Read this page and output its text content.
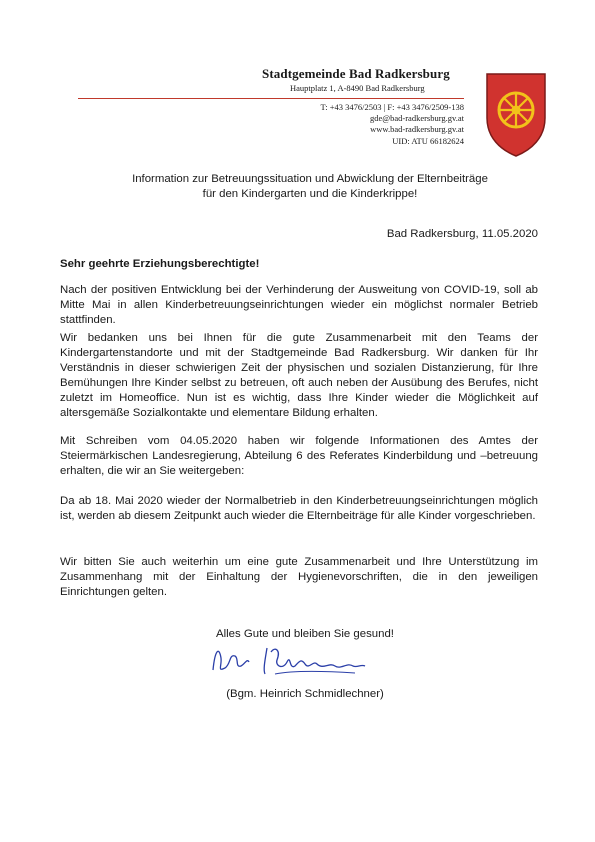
Stadtgemeinde Bad Radkersburg
Hauptplatz 1, A-8490 Bad Radkersburg
T: +43 3476/2503 | F: +43 3476/2509-138
gde@bad-radkersburg.gv.at
www.bad-radkersburg.gv.at
UID: ATU 66182624
Information zur Betreuungssituation und Abwicklung der Elternbeiträge
für den Kindergarten und die Kinderkrippe!
Bad Radkersburg, 11.05.2020
Sehr geehrte Erziehungsberechtigte!
Nach der positiven Entwicklung bei der Verhinderung der Ausweitung von COVID-19, soll ab Mitte Mai in allen Kinderbetreuungseinrichtungen wieder ein möglichst normaler Betrieb stattfinden.
Wir bedanken uns bei Ihnen für die gute Zusammenarbeit mit den Teams der Kindergartenstandorte und mit der Stadtgemeinde Bad Radkersburg. Wir danken für Ihr Verständnis in dieser schwierigen Zeit der physischen und sozialen Distanzierung, für Ihre Bemühungen Ihre Kinder selbst zu betreuen, oft auch neben der Ausübung des Berufes, nicht zuletzt im Homeoffice. Nun ist es wichtig, dass Ihre Kinder wieder die Möglichkeit auf altersgemäße Sozialkontakte und elementare Bildung erhalten.
Mit Schreiben vom 04.05.2020 haben wir folgende Informationen des Amtes der Steiermärkischen Landesregierung, Abteilung 6 des Referates Kinderbildung und –betreuung erhalten, die wir an Sie weitergeben:
Da ab 18. Mai 2020 wieder der Normalbetrieb in den Kinderbetreuungseinrichtungen möglich ist, werden ab diesem Zeitpunkt auch wieder die Elternbeiträge für alle Kinder vorgeschrieben.
Wir bitten Sie auch weiterhin um eine gute Zusammenarbeit und Ihre Unterstützung im Zusammenhang mit der Einhaltung der Hygienevorschriften, die in den jeweiligen Einrichtungen gelten.
Alles Gute und bleiben Sie gesund!
(Bgm. Heinrich Schmidlechner)
